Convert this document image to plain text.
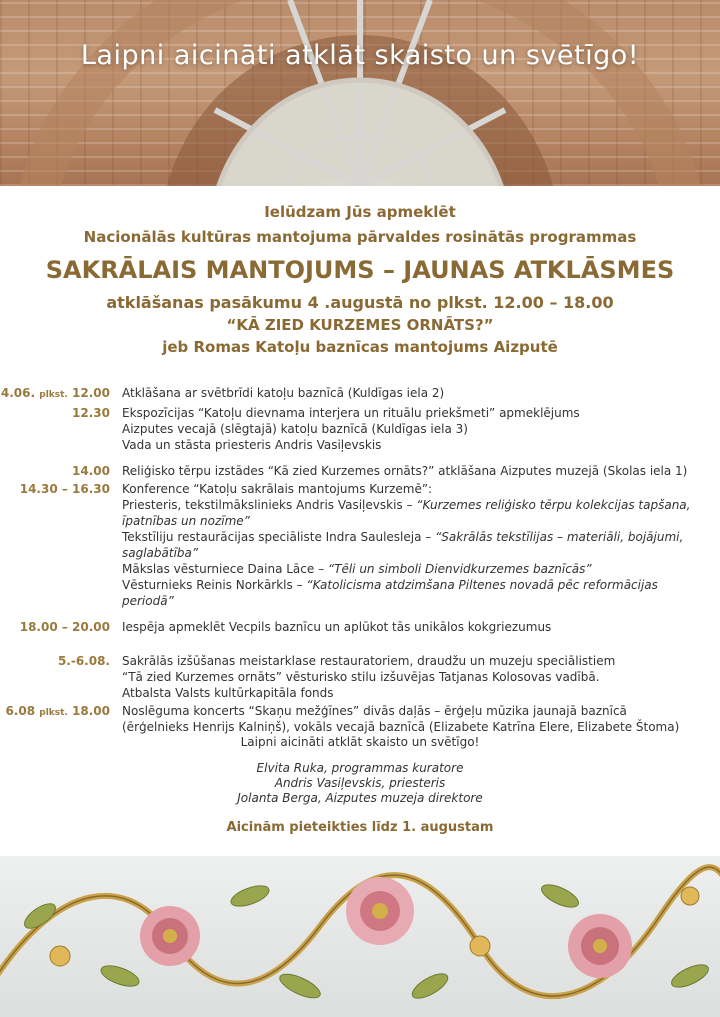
Laipni aicināti atklāt skaisto un svētīgo!

Ielūdzam Jūs apmeklēt

Nacionālās kultūras mantojuma pārvaldes rosinātās programmas

SAKRĀLAIS MANTOJUMS – JAUNAS ATKLĀSMES

atklāšanas pasākumu 4 .augustā no plkst. 12.00 – 18.00

“KĀ ZIED KURZEMES ORNĀTS?”

jeb Romas Katoļu baznīcas mantojums Aizputē

4.06. plkst. 12.00	Atklāšana ar svētbrīdi katoļu baznīcā (Kuldīgas iela 2)

12.30	Ekspozīcijas “Katoļu dievnama interjera un rituālu priekšmeti” apmeklējums

Aizputes vecajā (slēgtajā) katoļu baznīcā (Kuldīgas iela 3)

Vada un stāsta priesteris Andris Vasiļevskis

14.00	Reliģisko tērpu izstādes “Kā zied Kurzemes ornāts?” atklāšana Aizputes muzejā (Skolas iela 1)

14.30 – 16.30	Konference “Katoļu sakrālais mantojums Kurzemē”:

Priesteris, tekstilmākslinieks Andris Vasiļevskis – “Kurzemes reliģisko tērpu kolekcijas tapšana, īpatnības un nozīme”

Tekstīliju restaurācijas speciāliste Indra Saulesleja – “Sakrālās tekstīlijas – materiāli, bojājumi, saglabātība”

Mākslas vēsturniece Daina Lāce – “Tēli un simboli Dienvidkurzemes baznīcās”

Vēsturnieks Reinis Norkārkls – “Katolicisma atdzimšana Piltenes novadā pēc reformācijas periodā”

18.00 – 20.00	Iespēja apmeklēt Vecpils baznīcu un aplūkot tās unikālos kokgriezumus

5.-6.08.	Sakrālās izšūšanas meistarklase restauratoriem, draudžu un muzeju speciālistiem

“Tā zied Kurzemes ornāts” vēsturisko stilu izšuvējas Tatjanas Kolosovas vadībā.

Atbalsta Valsts kultūrkapitāla fonds

6.08 plkst. 18.00	Noslēguma koncerts “Skaņu mežģīnes” divās daļās – ērģeļu mūzika jaunajā baznīcā

(ērģelnieks Henrijs Kalniņš), vokāls vecajā baznīcā (Elizabete Katrīna Elere, Elizabete Štoma)

Laipni aicināti atklāt skaisto un svētīgo!

Elvita Ruka, programmas kuratore

Andris Vasiļevskis, priesteris

Jolanta Berga, Aizputes muzeja direktore

Aicinām pieteikties līdz 1. augustam
